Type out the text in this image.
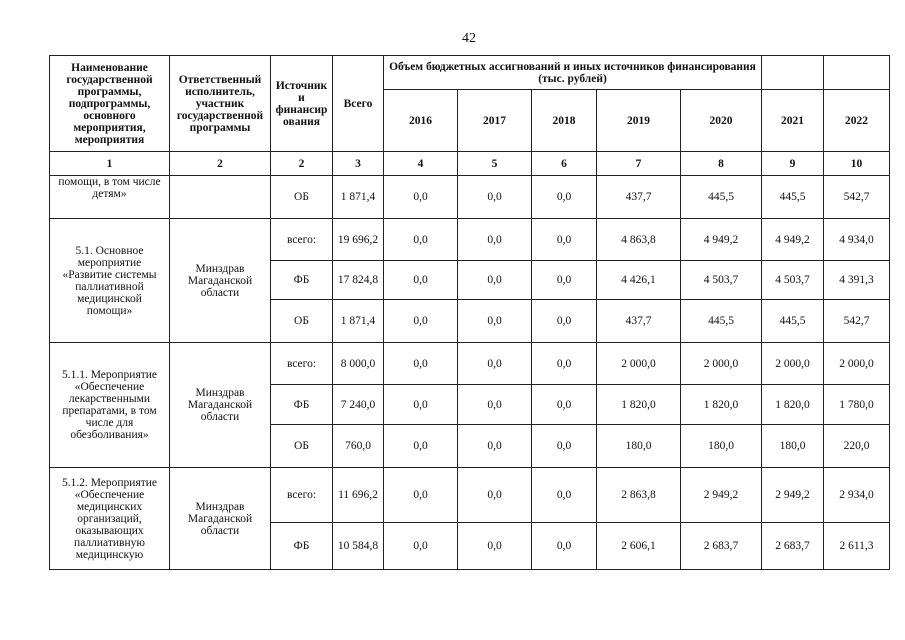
42
Наименование государственной программы, подпрограммы, основного мероприятия, мероприятия	Ответственный исполнитель, участник государственной программы	Источник и финансир ования	Всего	Объем бюджетных ассигнований и иных источников финансирования (тыс. рублей)						
				2016	2017	2018	2019	2020	2021	2022
1	2	2	3	4	5	6	7	8	9	10
помощи, в том числе детям»		ОБ	1 871,4	0,0	0,0	0,0	437,7	445,5	445,5	542,7
5.1. Основное мероприятие «Развитие системы паллиативной медицинской помощи»	Минздрав Магаданской области	всего:	19 696,2	0,0	0,0	0,0	4 863,8	4 949,2	4 949,2	4 934,0
		ФБ	17 824,8	0,0	0,0	0,0	4 426,1	4 503,7	4 503,7	4 391,3
		ОБ	1 871,4	0,0	0,0	0,0	437,7	445,5	445,5	542,7
5.1.1. Мероприятие «Обеспечение лекарственными препаратами, в том числе для обезболивания»	Минздрав Магаданской области	всего:	8 000,0	0,0	0,0	0,0	2 000,0	2 000,0	2 000,0	2 000,0
		ФБ	7 240,0	0,0	0,0	0,0	1 820,0	1 820,0	1 820,0	1 780,0
		ОБ	760,0	0,0	0,0	0,0	180,0	180,0	180,0	220,0
5.1.2. Мероприятие «Обеспечение медицинских организаций, оказывающих паллиативную медицинскую	Минздрав Магаданской области	всего:	11 696,2	0,0	0,0	0,0	2 863,8	2 949,2	2 949,2	2 934,0
		ФБ	10 584,8	0,0	0,0	0,0	2 606,1	2 683,7	2 683,7	2 611,3
